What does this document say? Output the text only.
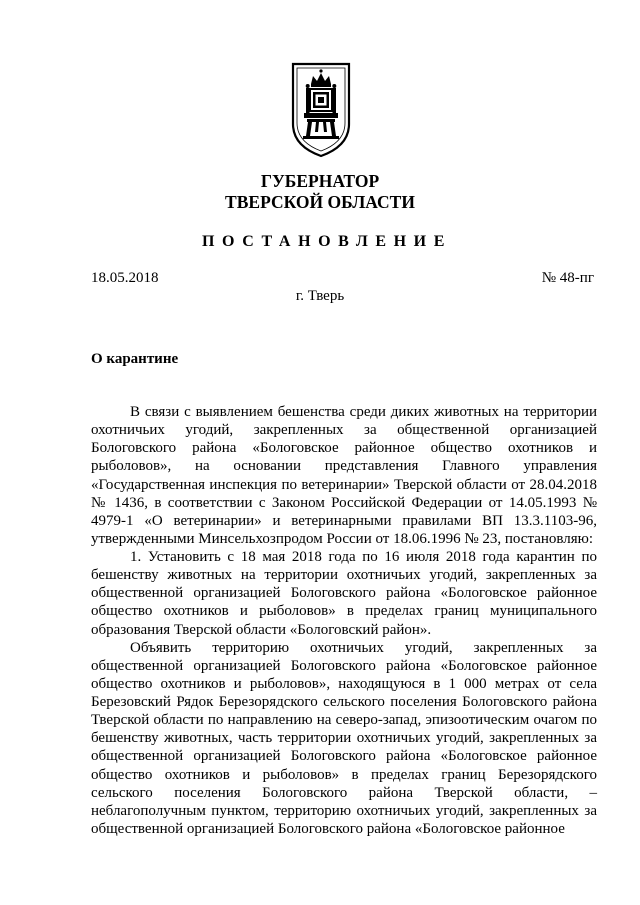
ГУБЕРНАТОР
ТВЕРСКОЙ ОБЛАСТИ
ПОСТАНОВЛЕНИЕ
18.05.2018	№ 48-пг
г. Тверь
О карантине

В связи с выявлением бешенства среди диких животных на территории охотничьих угодий, закрепленных за общественной организацией Бологовского района «Бологовское районное общество охотников и рыболовов», на основании представления Главного управления «Государственная инспекция по ветеринарии» Тверской области от 28.04.2018 № 1436, в соответствии с Законом Российской Федерации от 14.05.1993 № 4979-1 «О ветеринарии» и ветеринарными правилами ВП 13.3.1103-96, утвержденными Минсельхозпродом России от 18.06.1996 № 23, постановляю:

1. Установить с 18 мая 2018 года по 16 июля 2018 года карантин по бешенству животных на территории охотничьих угодий, закрепленных за общественной организацией Бологовского района «Бологовское районное общество охотников и рыболовов» в пределах границ муниципального образования Тверской области «Бологовский район».

Объявить территорию охотничьих угодий, закрепленных за общественной организацией Бологовского района «Бологовское районное общество охотников и рыболовов», находящуюся в 1 000 метрах от села Березовский Рядок Березорядского сельского поселения Бологовского района Тверской области по направлению на северо-запад, эпизоотическим очагом по бешенству животных, часть территории охотничьих угодий, закрепленных за общественной организацией Бологовского района «Бологовское районное общество охотников и рыболовов» в пределах границ Березорядского сельского поселения Бологовского района Тверской области, – неблагополучным пунктом, территорию охотничьих угодий, закрепленных за общественной организацией Бологовского района «Бологовское районное
